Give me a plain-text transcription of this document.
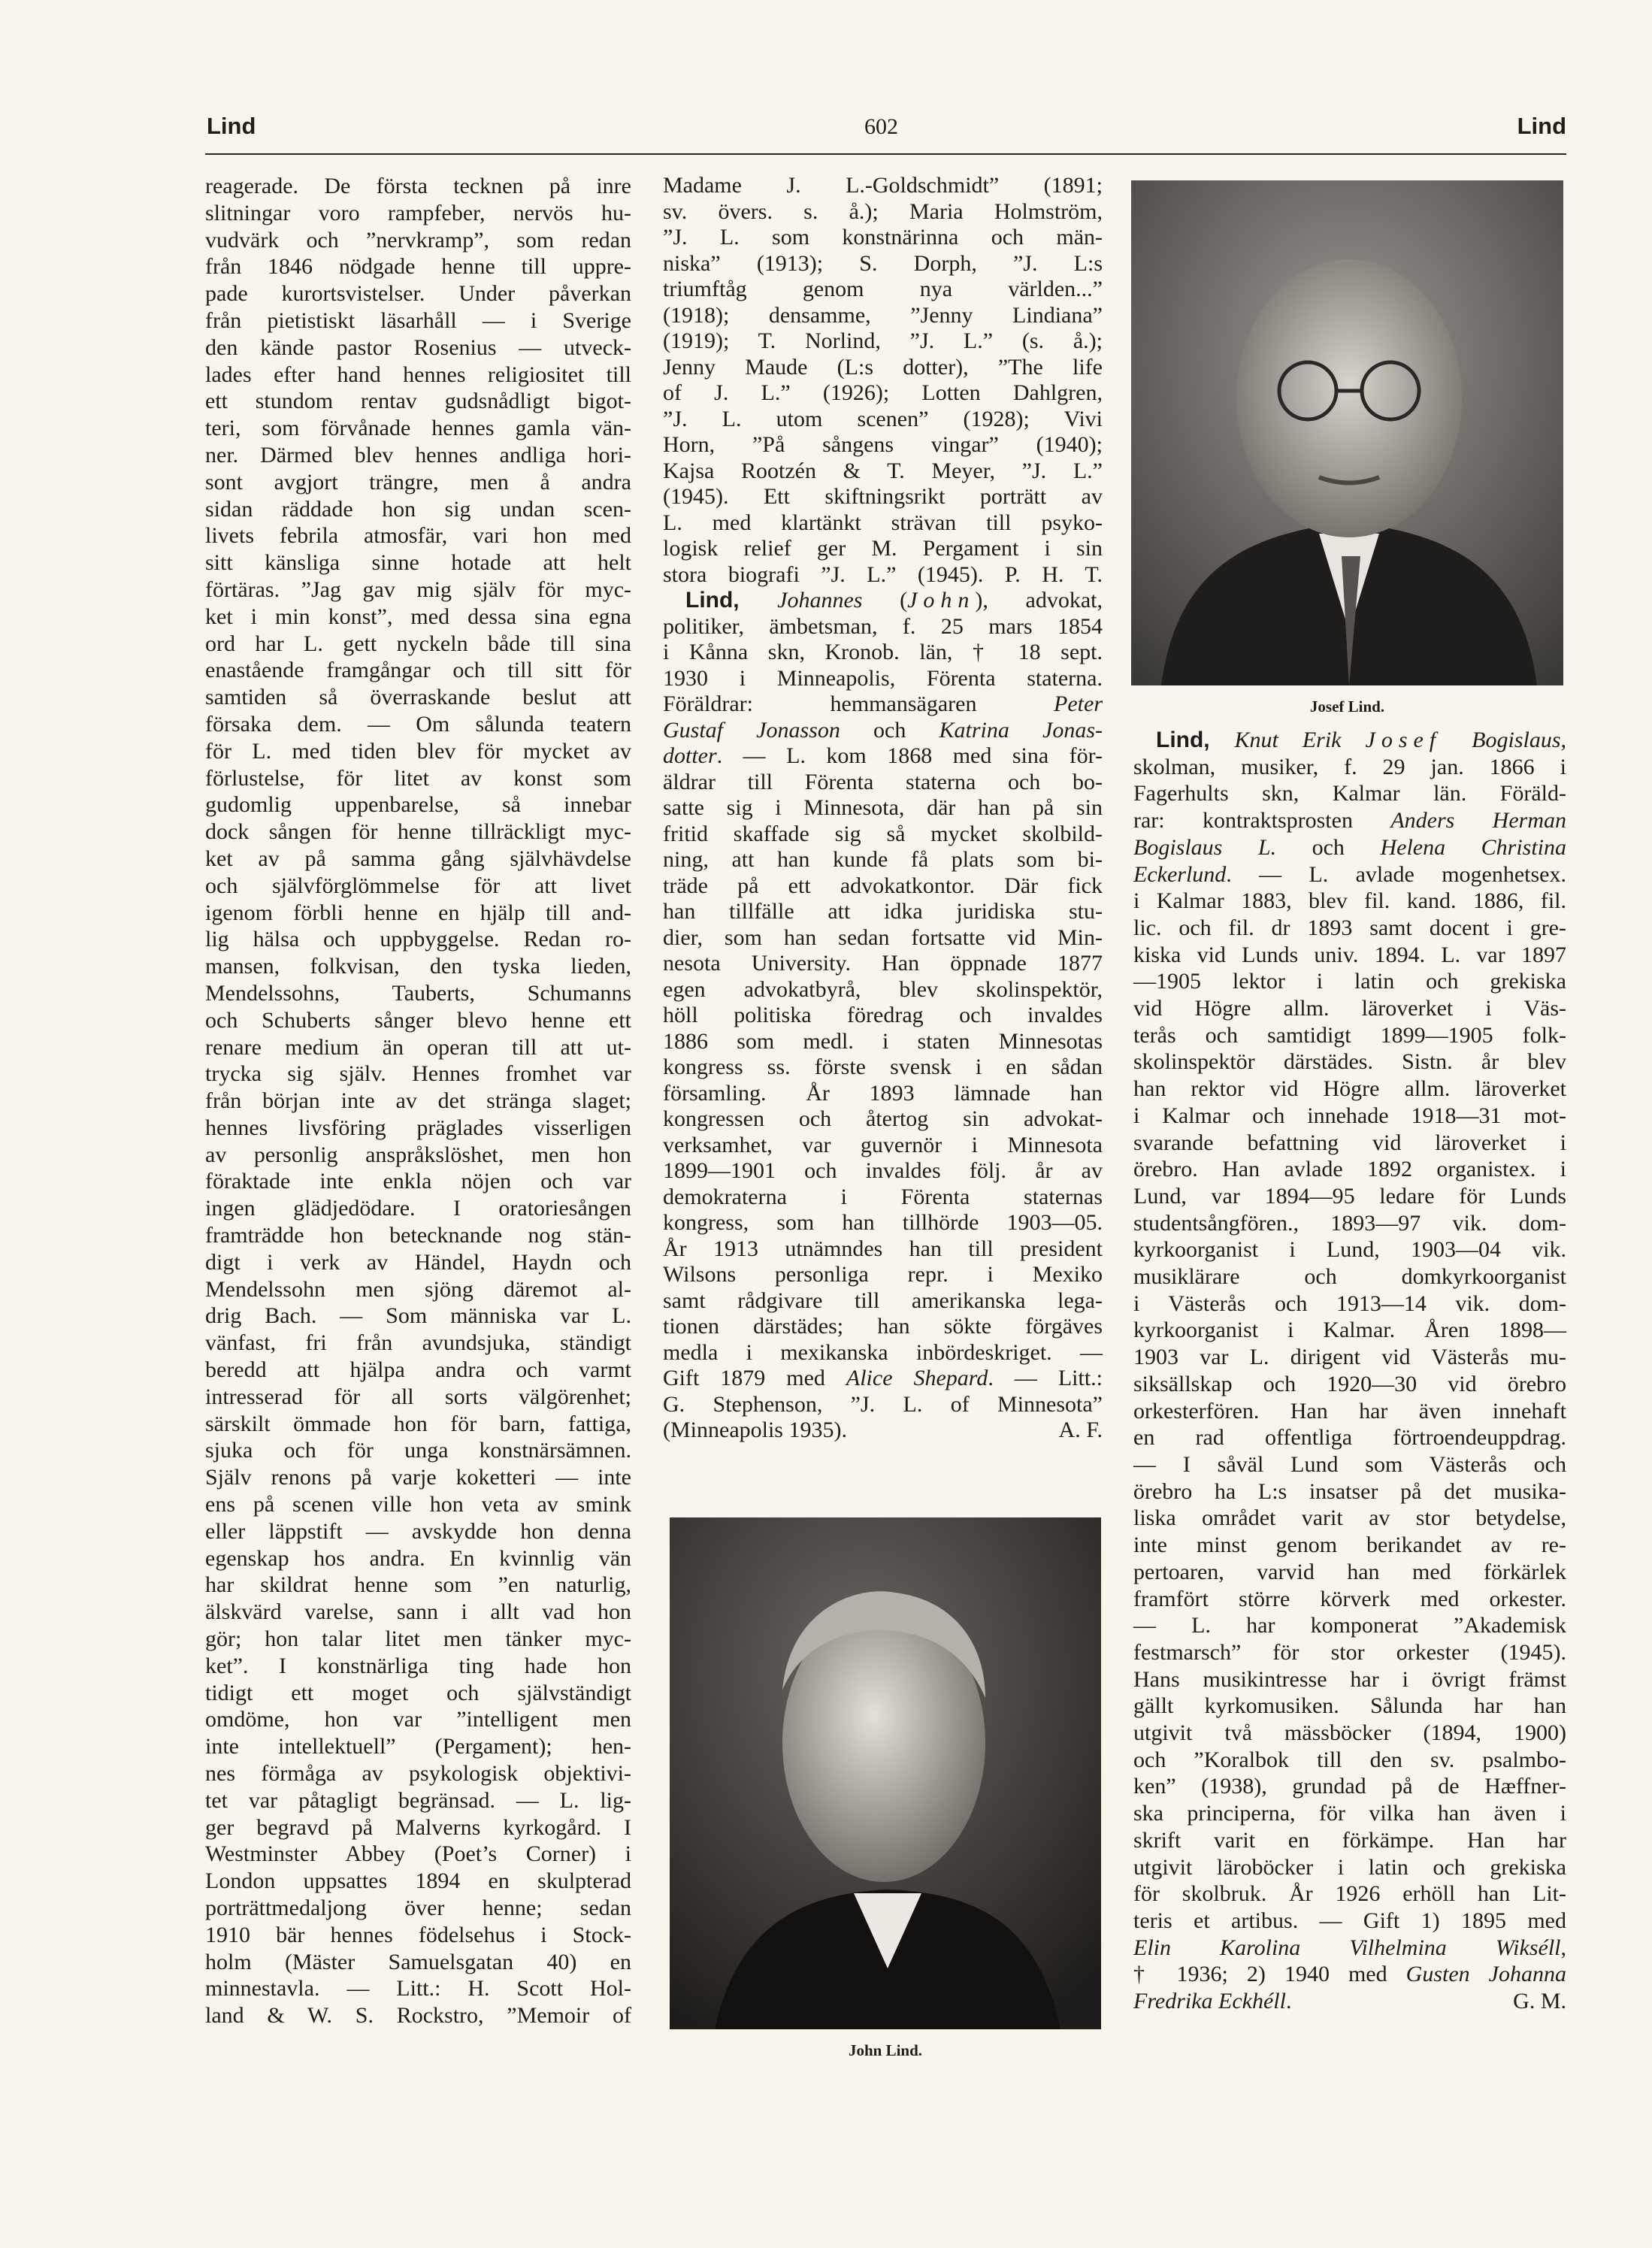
Lind	602	Lind
reagerade. De första tecknen på inre
slitningar voro rampfeber, nervös hu-
vudvärk och ”nervkramp”, som redan
från 1846 nödgade henne till uppre-
pade kurortsvistelser. Under påverkan
från pietistiskt läsarhåll — i Sverige
den kände pastor Rosenius — utveck-
lades efter hand hennes religiositet till
ett stundom rentav gudsnådligt bigot-
teri, som förvånade hennes gamla vän-
ner. Därmed blev hennes andliga hori-
sont avgjort trängre, men å andra
sidan räddade hon sig undan scen-
livets febrila atmosfär, vari hon med
sitt känsliga sinne hotade att helt
förtäras. ”Jag gav mig själv för myc-
ket i min konst”, med dessa sina egna
ord har L. gett nyckeln både till sina
enastående framgångar och till sitt för
samtiden så överraskande beslut att
försaka dem. — Om sålunda teatern
för L. med tiden blev för mycket av
förlustelse, för litet av konst som
gudomlig uppenbarelse, så innebar
dock sången för henne tillräckligt myc-
ket av på samma gång självhävdelse
och självförglömmelse för att livet
igenom förbli henne en hjälp till and-
lig hälsa och uppbyggelse. Redan ro-
mansen, folkvisan, den tyska lieden,
Mendelssohns, Tauberts, Schumanns
och Schuberts sånger blevo henne ett
renare medium än operan till att ut-
trycka sig själv. Hennes fromhet var
från början inte av det stränga slaget;
hennes livsföring präglades visserligen
av personlig anspråkslöshet, men hon
föraktade inte enkla nöjen och var
ingen glädjedödare. I oratoriesången
framträdde hon betecknande nog stän-
digt i verk av Händel, Haydn och
Mendelssohn men sjöng däremot al-
drig Bach. — Som människa var L.
vänfast, fri från avundsjuka, ständigt
beredd att hjälpa andra och varmt
intresserad för all sorts välgörenhet;
särskilt ömmade hon för barn, fattiga,
sjuka och för unga konstnärsämnen.
Själv renons på varje koketteri — inte
ens på scenen ville hon veta av smink
eller läppstift — avskydde hon denna
egenskap hos andra. En kvinnlig vän
har skildrat henne som ”en naturlig,
älskvärd varelse, sann i allt vad hon
gör; hon talar litet men tänker myc-
ket”. I konstnärliga ting hade hon
tidigt ett moget och självständigt
omdöme, hon var ”intelligent men
inte intellektuell” (Pergament); hen-
nes förmåga av psykologisk objektivi-
tet var påtagligt begränsad. — L. lig-
ger begravd på Malverns kyrkogård. I
Westminster Abbey (Poet’s Corner) i
London uppsattes 1894 en skulpterad
porträttmedaljong över henne; sedan
1910 bär hennes födelsehus i Stock-
holm (Mäster Samuelsgatan 40) en
minnestavla. — Litt.: H. Scott Hol-
land & W. S. Rockstro, ”Memoir of
Madame J. L.-Goldschmidt” (1891;
sv. övers. s. å.); Maria Holmström,
”J. L. som konstnärinna och män-
niska” (1913); S. Dorph, ”J. L:s
triumftåg genom nya världen...”
(1918); densamme, ”Jenny Lindiana”
(1919); T. Norlind, ”J. L.” (s. å.);
Jenny Maude (L:s dotter), ”The life
of J. L.” (1926); Lotten Dahlgren,
”J. L. utom scenen” (1928); Vivi
Horn, ”På sångens vingar” (1940);
Kajsa Rootzén & T. Meyer, ”J. L.”
(1945). Ett skiftningsrikt porträtt av
L. med klartänkt strävan till psyko-
logisk relief ger M. Pergament i sin
stora biografi ”J. L.” (1945). P. H. T.
Lind, Johannes (John), advokat,
politiker, ämbetsman, f. 25 mars 1854
i Kånna skn, Kronob. län, † 18 sept.
1930 i Minneapolis, Förenta staterna.
Föräldrar: hemmansägaren Peter
Gustaf Jonasson och Katrina Jonas-
dotter. — L. kom 1868 med sina för-
äldrar till Förenta staterna och bo-
satte sig i Minnesota, där han på sin
fritid skaffade sig så mycket skolbild-
ning, att han kunde få plats som bi-
träde på ett advokatkontor. Där fick
han tillfälle att idka juridiska stu-
dier, som han sedan fortsatte vid Min-
nesota University. Han öppnade 1877
egen advokatbyrå, blev skolinspektör,
höll politiska föredrag och invaldes
1886 som medl. i staten Minnesotas
kongress ss. förste svensk i en sådan
församling. År 1893 lämnade han
kongressen och återtog sin advokat-
verksamhet, var guvernör i Minnesota
1899—1901 och invaldes följ. år av
demokraterna i Förenta staternas
kongress, som han tillhörde 1903—05.
År 1913 utnämndes han till president
Wilsons personliga repr. i Mexiko
samt rådgivare till amerikanska lega-
tionen därstädes; han sökte förgäves
medla i mexikanska inbördeskriget. —
Gift 1879 med Alice Shepard. — Litt.:
G. Stephenson, ”J. L. of Minnesota”
(Minneapolis 1935).	A. F.
Lind, Knut Erik Josef Bogislaus,
skolman, musiker, f. 29 jan. 1866 i
Fagerhults skn, Kalmar län. Föräld-
rar: kontraktsprosten Anders Herman
Bogislaus L. och Helena Christina
Eckerlund. — L. avlade mogenhetsex.
i Kalmar 1883, blev fil. kand. 1886, fil.
lic. och fil. dr 1893 samt docent i gre-
kiska vid Lunds univ. 1894. L. var 1897
—1905 lektor i latin och grekiska
vid Högre allm. läroverket i Väs-
terås och samtidigt 1899—1905 folk-
skolinspektör därstädes. Sistn. år blev
han rektor vid Högre allm. läroverket
i Kalmar och innehade 1918—31 mot-
svarande befattning vid läroverket i
örebro. Han avlade 1892 organistex. i
Lund, var 1894—95 ledare för Lunds
studentsångfören., 1893—97 vik. dom-
kyrkoorganist i Lund, 1903—04 vik.
musiklärare och domkyrkoorganist
i Västerås och 1913—14 vik. dom-
kyrkoorganist i Kalmar. Åren 1898—
1903 var L. dirigent vid Västerås mu-
siksällskap och 1920—30 vid örebro
orkesterfören. Han har även innehaft
en rad offentliga förtroendeuppdrag.
— I såväl Lund som Västerås och
örebro ha L:s insatser på det musika-
liska området varit av stor betydelse,
inte minst genom berikandet av re-
pertoaren, varvid han med förkärlek
framfört större körverk med orkester.
— L. har komponerat ”Akademisk
festmarsch” för stor orkester (1945).
Hans musikintresse har i övrigt främst
gällt kyrkomusiken. Sålunda har han
utgivit två mässböcker (1894, 1900)
och ”Koralbok till den sv. psalmbo-
ken” (1938), grundad på de Hæffner-
ska principerna, för vilka han även i
skrift varit en förkämpe. Han har
utgivit läroböcker i latin och grekiska
för skolbruk. År 1926 erhöll han Lit-
teris et artibus. — Gift 1) 1895 med
Elin Karolina Vilhelmina Wikséll,
† 1936; 2) 1940 med Gusten Johanna
Fredrika Eckhéll.	G. M.
Josef Lind.
John Lind.
